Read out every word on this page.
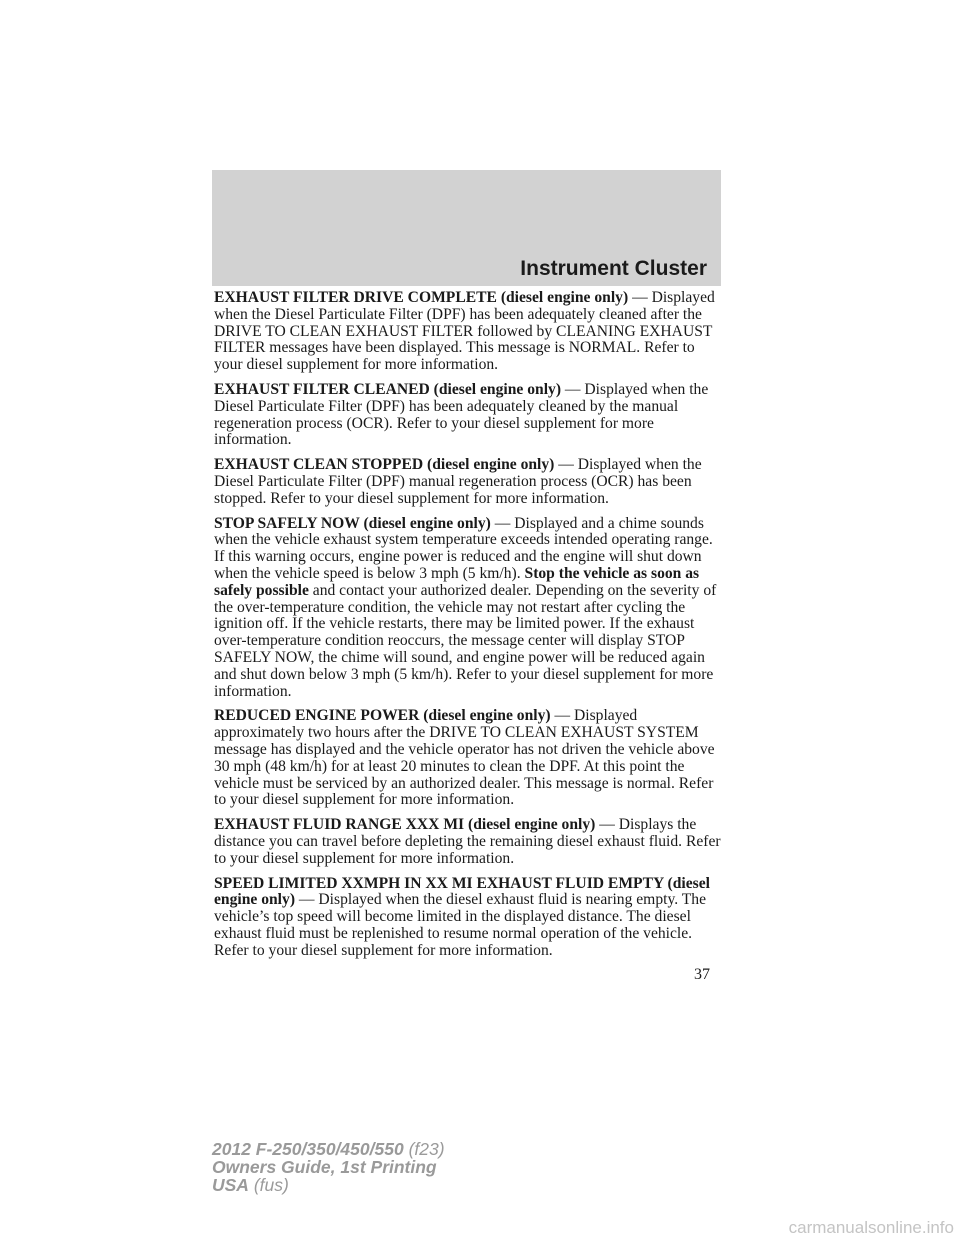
Instrument Cluster

EXHAUST FILTER DRIVE COMPLETE (diesel engine only) — Displayed when the Diesel Particulate Filter (DPF) has been adequately cleaned after the DRIVE TO CLEAN EXHAUST FILTER followed by CLEANING EXHAUST FILTER messages have been displayed. This message is NORMAL. Refer to your diesel supplement for more information.

EXHAUST FILTER CLEANED (diesel engine only) — Displayed when the Diesel Particulate Filter (DPF) has been adequately cleaned by the manual regeneration process (OCR). Refer to your diesel supplement for more information.

EXHAUST CLEAN STOPPED (diesel engine only) — Displayed when the Diesel Particulate Filter (DPF) manual regeneration process (OCR) has been stopped. Refer to your diesel supplement for more information.

STOP SAFELY NOW (diesel engine only) — Displayed and a chime sounds when the vehicle exhaust system temperature exceeds intended operating range. If this warning occurs, engine power is reduced and the engine will shut down when the vehicle speed is below 3 mph (5 km/h). Stop the vehicle as soon as safely possible and contact your authorized dealer. Depending on the severity of the over-temperature condition, the vehicle may not restart after cycling the ignition off. If the vehicle restarts, there may be limited power. If the exhaust over-temperature condition reoccurs, the message center will display STOP SAFELY NOW, the chime will sound, and engine power will be reduced again and shut down below 3 mph (5 km/h). Refer to your diesel supplement for more information.

REDUCED ENGINE POWER (diesel engine only) — Displayed approximately two hours after the DRIVE TO CLEAN EXHAUST SYSTEM message has displayed and the vehicle operator has not driven the vehicle above 30 mph (48 km/h) for at least 20 minutes to clean the DPF. At this point the vehicle must be serviced by an authorized dealer. This message is normal. Refer to your diesel supplement for more information.

EXHAUST FLUID RANGE XXX MI (diesel engine only) — Displays the distance you can travel before depleting the remaining diesel exhaust fluid. Refer to your diesel supplement for more information.

SPEED LIMITED XXMPH IN XX MI EXHAUST FLUID EMPTY (diesel engine only) — Displayed when the diesel exhaust fluid is nearing empty. The vehicle’s top speed will become limited in the displayed distance. The diesel exhaust fluid must be replenished to resume normal operation of the vehicle. Refer to your diesel supplement for more information.

37
2012 F-250/350/450/550 (f23)
Owners Guide, 1st Printing
USA (fus)
carmanualsonline.info
